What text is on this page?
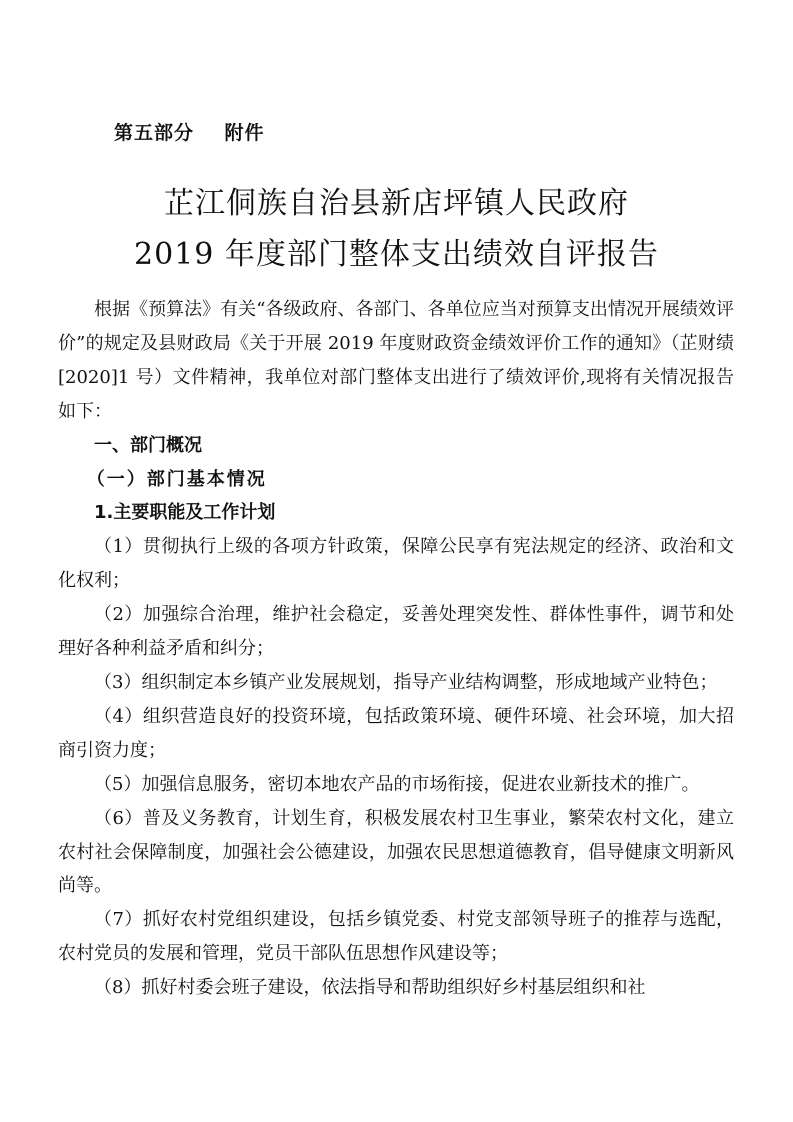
第五部分    附件
芷江侗族自治县新店坪镇人民政府
2019 年度部门整体支出绩效自评报告

根据《预算法》有关“各级政府、各部门、各单位应当对预算支出情况开展绩效评价”的规定及县财政局《关于开展 2019 年度财政资金绩效评价工作的通知》（芷财绩[2020]1 号）文件精神，我单位对部门整体支出进行了绩效评价,现将有关情况报告如下：

一、部门概况

（一）部门基本情况

1.主要职能及工作计划

（1）贯彻执行上级的各项方针政策，保障公民享有宪法规定的经济、政治和文化权利；

（2）加强综合治理，维护社会稳定，妥善处理突发性、群体性事件，调节和处理好各种利益矛盾和纠分；

（3）组织制定本乡镇产业发展规划，指导产业结构调整，形成地域产业特色；

（4）组织营造良好的投资环境，包括政策环境、硬件环境、社会环境，加大招商引资力度；

（5）加强信息服务，密切本地农产品的市场衔接，促进农业新技术的推广。

（6）普及义务教育，计划生育，积极发展农村卫生事业，繁荣农村文化，建立农村社会保障制度，加强社会公德建设，加强农民思想道德教育，倡导健康文明新风尚等。

（7）抓好农村党组织建设，包括乡镇党委、村党支部领导班子的推荐与选配，农村党员的发展和管理，党员干部队伍思想作风建设等；

（8）抓好村委会班子建设，依法指导和帮助组织好乡村基层组织和社
